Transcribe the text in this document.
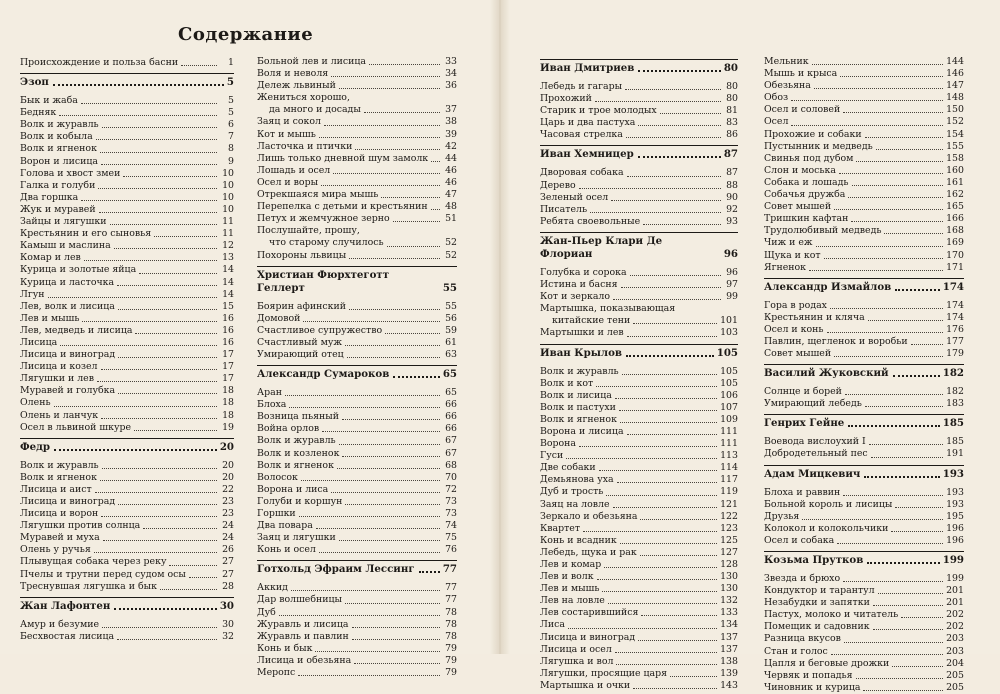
Содержание
Происхождение и польза басни	1
Эзоп	5
Бык и жаба	5
Бедняк	5
Волк и журавль	6
Волк и кобыла	7
Волк и ягненок	8
Ворон и лисица	9
Голова и хвост змеи	10
Галка и голуби	10
Два горшка	10
Жук и муравей	10
Зайцы и лягушки	11
Крестьянин и его сыновья	11
Камыш и маслина	12
Комар и лев	13
Курица и золотые яйца	14
Курица и ласточка	14
Лгун	14
Лев, волк и лисица	15
Лев и мышь	16
Лев, медведь и лисица	16
Лисица	16
Лисица и виноград	17
Лисица и козел	17
Лягушки и лев	17
Муравей и голубка	18
Олень	18
Олень и ланчук	18
Осел в львиной шкуре	19
Федр	20
Волк и журавль	20
Волк и ягненок	20
Лисица и аист	22
Лисица и виноград	23
Лисица и ворон	23
Лягушки против солнца	24
Муравей и муха	24
Олень у ручья	26
Плывущая собака через реку	27
Пчелы и трутни перед судом осы	27
Треснувшая лягушка и бык	28
Жан Лафонтен	30
Амур и безумие	30
Бесхвостая лисица	32
Больной лев и лисица	33
Воля и неволя	34
Дележ львиный	36
Жениться хорошо,
да много и досады	37
Заяц и сокол	38
Кот и мышь	39
Ласточка и птички	42
Лишь только дневной шум замолк 44
Лошадь и осел	46
Осел и воры	46
Отрекшаяся мира мышь	47
Перепелка с детьми и крестьянин 48
Петух и жемчужное зерно	51
Послушайте, прошу,
что старому случилось	52
Похороны львицы	52
Христиан Фюрхтеготт Геллерт	55
Боярин афинский	55
Домовой	56
Счастливое супружество	59
Счастливый муж	61
Умирающий отец	63
Александр Сумароков	65
Аран	65
Блоха	66
Возница пьяный	66
Война орлов	66
Волк и журавль	67
Волк и козленок	67
Волк и ягненок	68
Волосок	70
Ворона и лиса	72
Голуби и коршун	73
Горшки	73
Два повара	74
Заяц и лягушки	75
Конь и осел	76
Готхольд Эфраим Лессинг	77
Аккид	77
Дар волшебницы	77
Дуб	78
Журавль и лисица	78
Журавль и павлин	78
Конь и бык	79
Лисица и обезьяна	79
Меропс	79
Иван Дмитриев	80
Лебедь и гагары	80
Прохожий	80
Старик и трое молодых	81
Царь и два пастуха	83
Часовая стрелка	86
Иван Хемницер	87
Дворовая собака	87
Дерево	88
Зеленый осел	90
Писатель	92
Ребята своевольные	93
Жан-Пьер Клари Де Флориан	96
Голубка и сорока	96
Истина и басня	97
Кот и зеркало	99
Мартышка, показывающая
китайские тени	101
Мартышки и лев	103
Иван Крылов	105
Волк и журавль	105
Волк и кот	105
Волк и лисица	106
Волк и пастухи	107
Волк и ягненок	109
Ворона и лисица	111
Ворона	111
Гуси	113
Две собаки	114
Демьянова уха	117
Дуб и трость	119
Заяц на ловле	121
Зеркало и обезьяна	122
Квартет	123
Конь и всадник	125
Лебедь, щука и рак	127
Лев и комар	128
Лев и волк	130
Лев и мышь	130
Лев на ловле	132
Лев состарившийся	133
Лиса	134
Лисица и виноград	137
Лисица и осел	137
Лягушка и вол	138
Лягушки, просящие царя	139
Мартышка и очки	143
Мельник	144
Мышь и крыса	146
Обезьяна	147
Обоз	148
Осел и соловей	150
Осел	152
Прохожие и собаки	154
Пустынник и медведь	155
Свинья под дубом	158
Слон и моська	160
Собака и лошадь	161
Собачья дружба	162
Совет мышей	165
Тришкин кафтан	166
Трудолюбивый медведь	168
Чиж и еж	169
Щука и кот	170
Ягненок	171
Александр Измайлов	174
Гора в родах	174
Крестьянин и кляча	174
Осел и конь	176
Павлин, щегленок и воробьи	177
Совет мышей	179
Василий Жуковский	182
Солнце и борей	182
Умирающий лебедь	183
Генрих Гейне	185
Воевода вислоухий I	185
Добродетельный пес	191
Адам Мицкевич	193
Блоха и раввин	193
Больной король и лисицы	193
Друзья	195
Колокол и колокольчики	196
Осел и собака	196
Козьма Прутков	199
Звезда и брюхо	199
Кондуктор и тарантул	201
Незабудки и запятки	201
Пастух, молоко и читатель	202
Помещик и садовник	202
Разница вкусов	203
Стан и голос	203
Цапля и беговые дрожки	204
Червяк и попадья	205
Чиновник и курица	205
